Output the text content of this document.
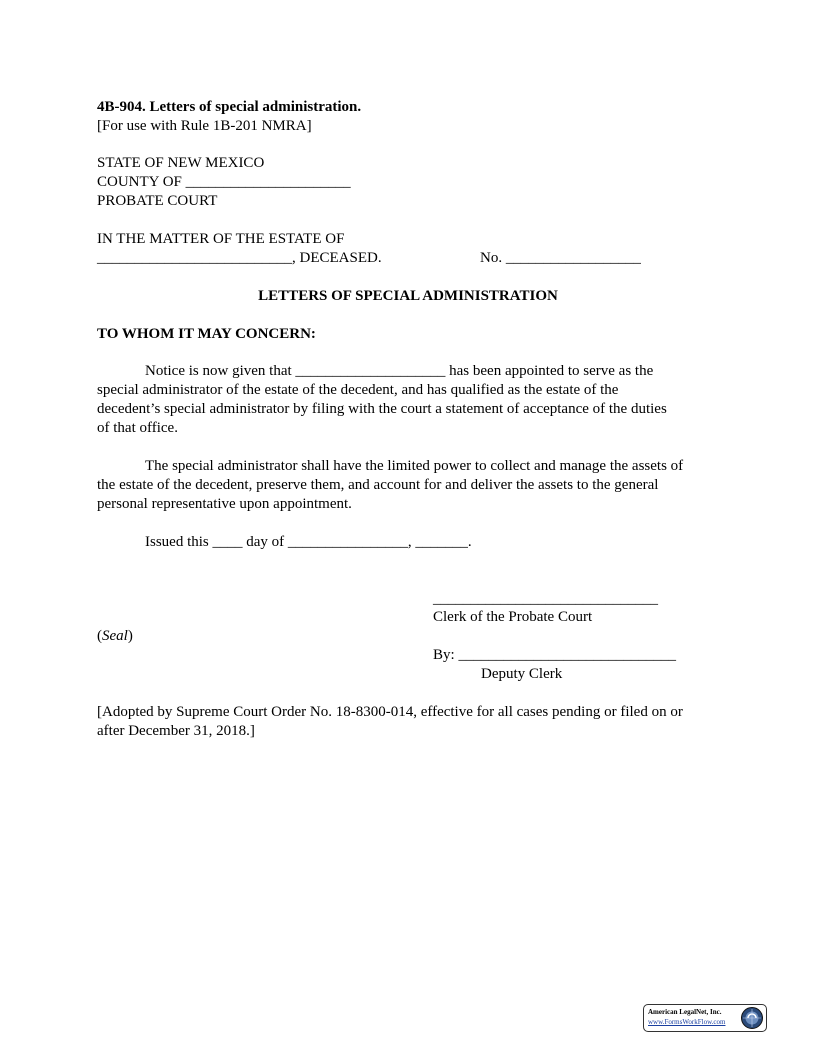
4B-904. Letters of special administration.
[For use with Rule 1B-201 NMRA]
STATE OF NEW MEXICO
COUNTY OF ______________________
PROBATE COURT
IN THE MATTER OF THE ESTATE OF
__________________________, DECEASED.	No. __________________
LETTERS OF SPECIAL ADMINISTRATION
TO WHOM IT MAY CONCERN:
Notice is now given that ____________________ has been appointed to serve as the
special administrator of the estate of the decedent, and has qualified as the estate of the
decedent’s special administrator by filing with the court a statement of acceptance of the duties
of that office.
The special administrator shall have the limited power to collect and manage the assets of
the estate of the decedent, preserve them, and account for and deliver the assets to the general
personal representative upon appointment.
Issued this ____ day of ________________, _______.
______________________________
Clerk of the Probate Court
(Seal)
By: _____________________________
Deputy Clerk
[Adopted by Supreme Court Order No. 18-8300-014, effective for all cases pending or filed on or
after December 31, 2018.]
American LegalNet, Inc.
www.FormsWorkFlow.com
